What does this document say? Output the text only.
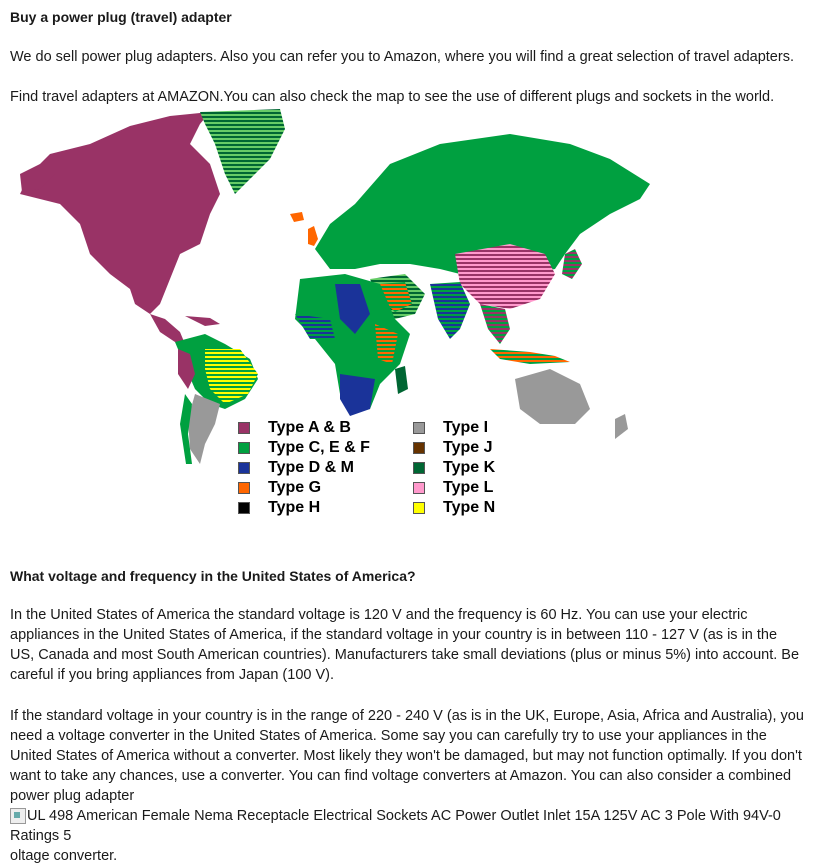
Buy a power plug (travel) adapter

We do sell power plug adapters. Also you can refer you to Amazon, where you will find a great selection of travel adapters.

Find travel adapters at AMAZON.You can also check the map to see the use of different plugs and sockets in the world.

Type A & B
Type C, E & F
Type D & M
Type G
Type H
Type I
Type J
Type K
Type L
Type N
What voltage and frequency in the United States of America?

In the United States of America the standard voltage is 120 V and the frequency is 60 Hz. You can use your electric appliances in the United States of America, if the standard voltage in your country is in between 110 - 127 V (as is in the US, Canada and most South American countries). Manufacturers take small deviations (plus or minus 5%) into account. Be careful if you bring appliances from Japan (100 V).

If the standard voltage in your country is in the range of 220 - 240 V (as is in the UK, Europe, Asia, Africa and Australia), you need a voltage converter in the United States of America. Some say you can carefully try to use your appliances in the United States of America without a converter. Most likely they won't be damaged, but may not function optimally. If you don't want to take any chances, use a converter. You can find voltage converters at Amazon. You can also consider a combined power plug adapter

UL 498 American Female Nema Receptacle Electrical Sockets AC Power Outlet Inlet 15A 125V AC 3 Pole With 94V-0

Ratings 5

oltage converter.
